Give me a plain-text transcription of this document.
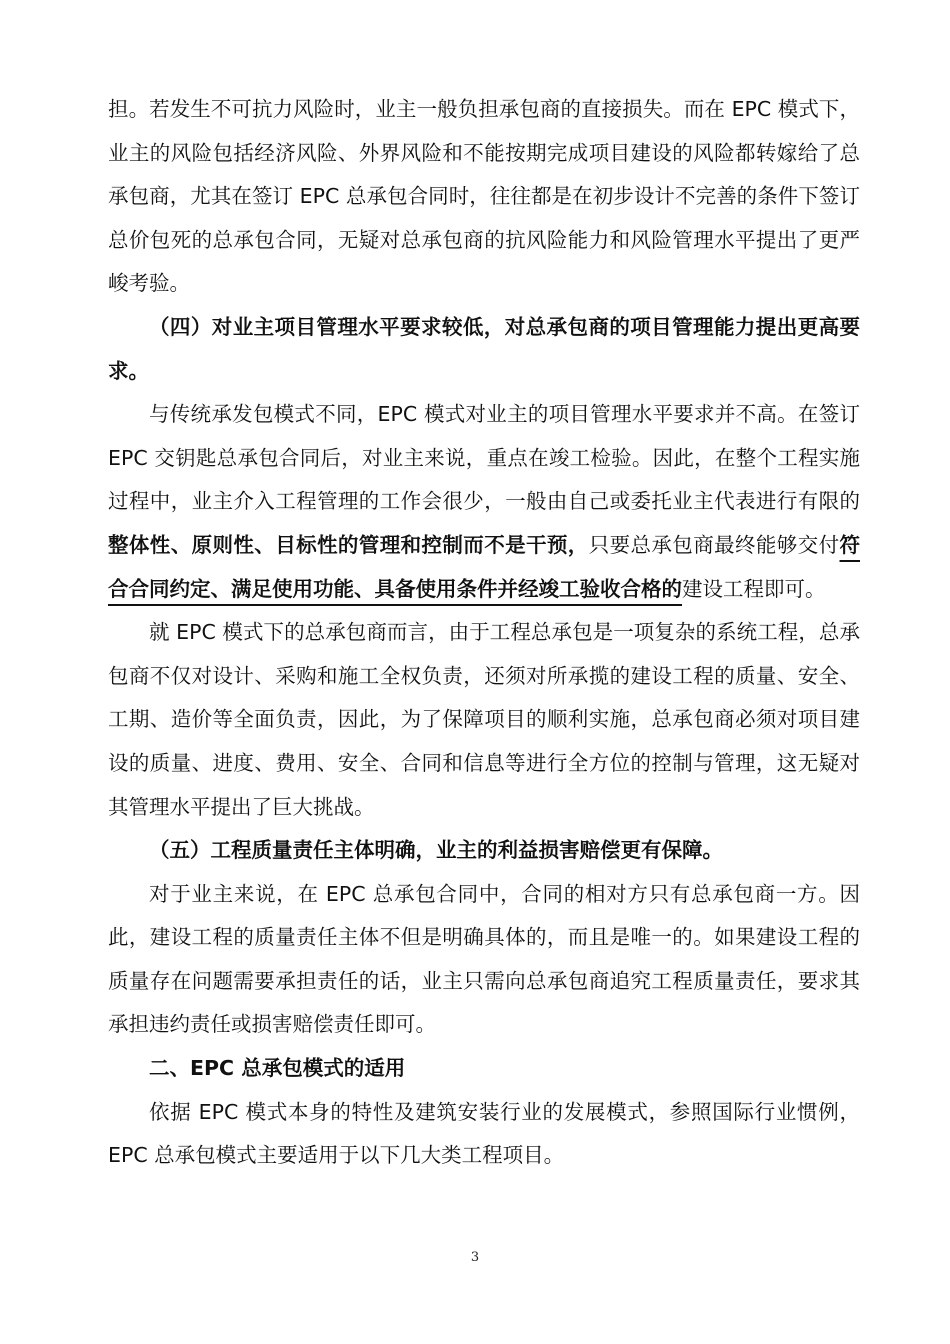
担。若发生不可抗力风险时，业主一般负担承包商的直接损失。而在 EPC 模式下，业主的风险包括经济风险、外界风险和不能按期完成项目建设的风险都转嫁给了总承包商，尤其在签订 EPC 总承包合同时，往往都是在初步设计不完善的条件下签订总价包死的总承包合同，无疑对总承包商的抗风险能力和风险管理水平提出了更严峻考验。

（四）对业主项目管理水平要求较低，对总承包商的项目管理能力提出更高要求。

与传统承发包模式不同，EPC 模式对业主的项目管理水平要求并不高。在签订 EPC 交钥匙总承包合同后，对业主来说，重点在竣工检验。因此，在整个工程实施过程中，业主介入工程管理的工作会很少，一般由自己或委托业主代表进行有限的整体性、原则性、目标性的管理和控制而不是干预，只要总承包商最终能够交付符合合同约定、满足使用功能、具备使用条件并经竣工验收合格的建设工程即可。

就 EPC 模式下的总承包商而言，由于工程总承包是一项复杂的系统工程，总承包商不仅对设计、采购和施工全权负责，还须对所承揽的建设工程的质量、安全、工期、造价等全面负责，因此，为了保障项目的顺利实施，总承包商必须对项目建设的质量、进度、费用、安全、合同和信息等进行全方位的控制与管理，这无疑对其管理水平提出了巨大挑战。

（五）工程质量责任主体明确，业主的利益损害赔偿更有保障。

对于业主来说，在 EPC 总承包合同中，合同的相对方只有总承包商一方。因此，建设工程的质量责任主体不但是明确具体的，而且是唯一的。如果建设工程的质量存在问题需要承担责任的话，业主只需向总承包商追究工程质量责任，要求其承担违约责任或损害赔偿责任即可。

二、EPC 总承包模式的适用

依据 EPC 模式本身的特性及建筑安装行业的发展模式，参照国际行业惯例，EPC 总承包模式主要适用于以下几大类工程项目。

3
